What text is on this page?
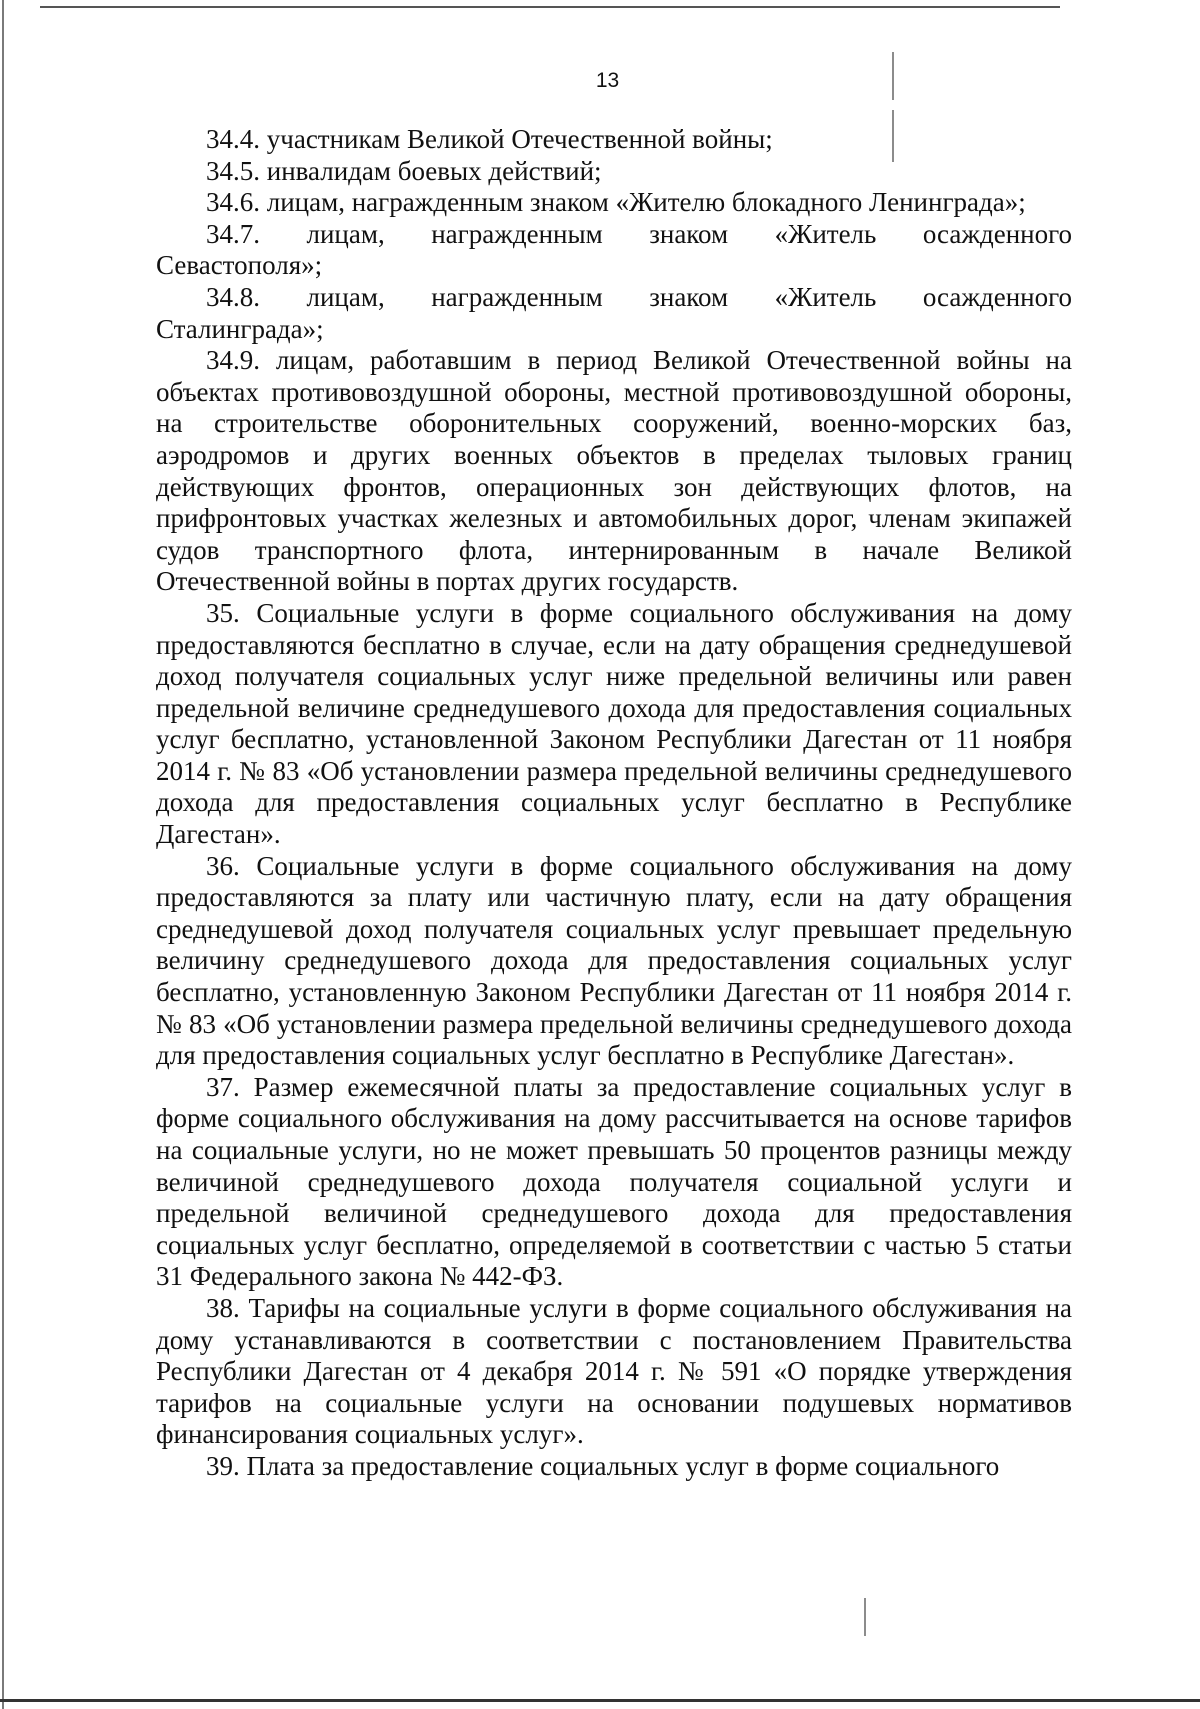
13

34.4. участникам Великой Отечественной войны;

34.5. инвалидам боевых действий;

34.6. лицам, награжденным знаком «Жителю блокадного Ленинграда»;

34.7. лицам, награжденным знаком «Житель осажденного Севастополя»;

34.8. лицам, награжденным знаком «Житель осажденного Сталинграда»;

34.9. лицам, работавшим в период Великой Отечественной войны на объектах противовоздушной обороны, местной противовоздушной обороны, на строительстве оборонительных сооружений, военно-морских баз, аэродромов и других военных объектов в пределах тыловых границ действующих фронтов, операционных зон действующих флотов, на прифронтовых участках железных и автомобильных дорог, членам экипажей судов транспортного флота, интернированным в начале Великой Отечественной войны в портах других государств.

35. Социальные услуги в форме социального обслуживания на дому предоставляются бесплатно в случае, если на дату обращения среднедушевой доход получателя социальных услуг ниже предельной величины или равен предельной величине среднедушевого дохода для предоставления социальных услуг бесплатно, установленной Законом Республики Дагестан от 11 ноября 2014 г. № 83 «Об установлении размера предельной величины среднедушевого дохода для предоставления социальных услуг бесплатно в Республике Дагестан».

36. Социальные услуги в форме социального обслуживания на дому предоставляются за плату или частичную плату, если на дату обращения среднедушевой доход получателя социальных услуг превышает предельную величину среднедушевого дохода для предоставления социальных услуг бесплатно, установленную Законом Республики Дагестан от 11 ноября 2014 г. № 83 «Об установлении размера предельной величины среднедушевого дохода для предоставления социальных услуг бесплатно в Республике Дагестан».

37. Размер ежемесячной платы за предоставление социальных услуг в форме социального обслуживания на дому рассчитывается на основе тарифов на социальные услуги, но не может превышать 50 процентов разницы между величиной среднедушевого дохода получателя социальной услуги и предельной величиной среднедушевого дохода для предоставления социальных услуг бесплатно, определяемой в соответствии с частью 5 статьи 31 Федерального закона № 442-ФЗ.

38. Тарифы на социальные услуги в форме социального обслуживания на дому устанавливаются в соответствии с постановлением Правительства Республики Дагестан от 4 декабря 2014 г. № 591 «О порядке утверждения тарифов на социальные услуги на основании подушевых нормативов финансирования социальных услуг».

39. Плата за предоставление социальных услуг в форме социального
